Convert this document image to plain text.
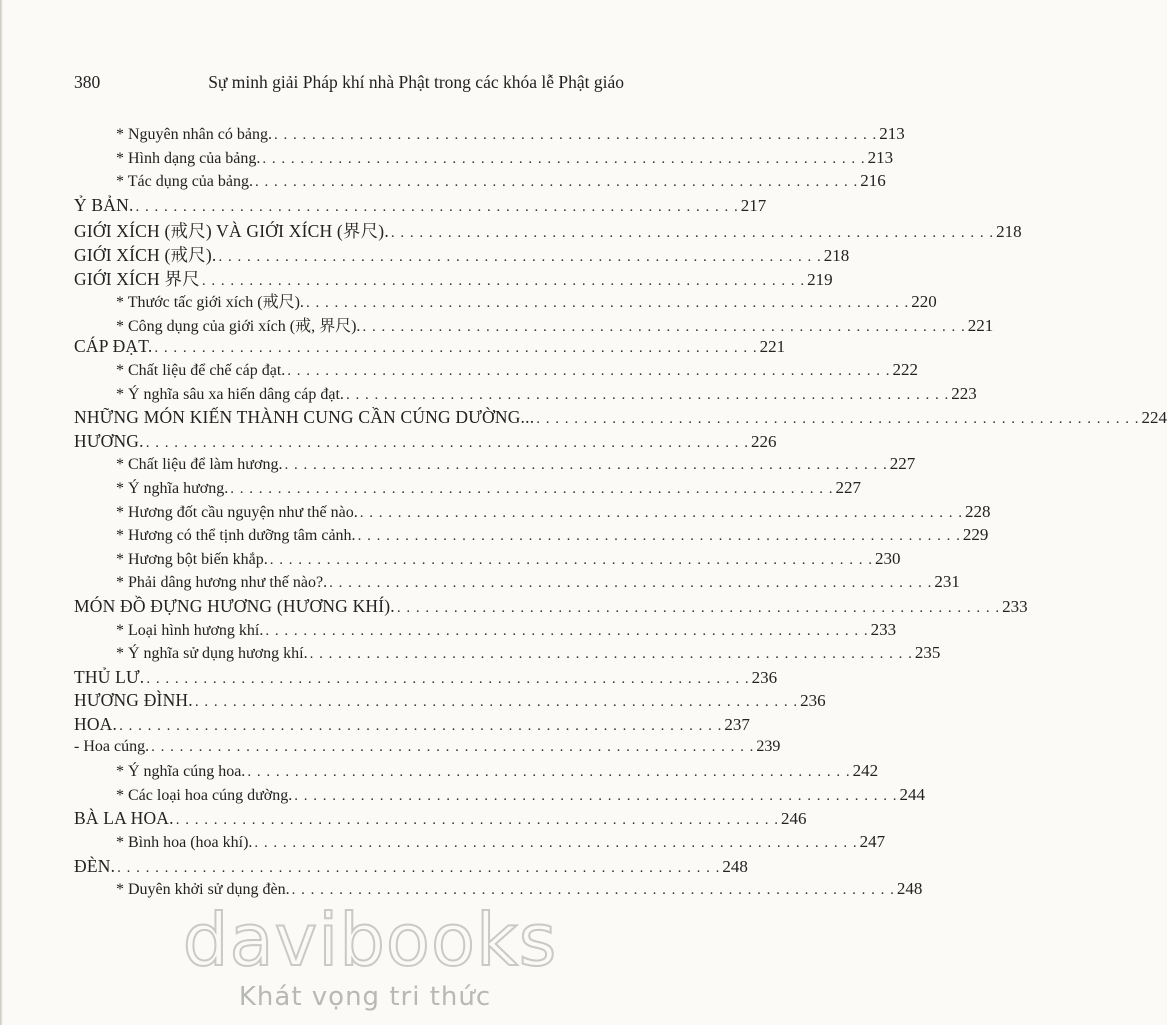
380	Sự minh giải Pháp khí nhà Phật trong các khóa lễ Phật giáo
* Nguyên nhân có bảng. . . . . . . . . . . . . . . . . . . . . . . . . . . . . . . . . . . . . . . . . . . . . . . . . . . . . . . . . . . . . . . . . 213
* Hình dạng của bảng. . . . . . . . . . . . . . . . . . . . . . . . . . . . . . . . . . . . . . . . . . . . . . . . . . . . . . . . . . . . . . . . . 213
* Tác dụng của bảng. . . . . . . . . . . . . . . . . . . . . . . . . . . . . . . . . . . . . . . . . . . . . . . . . . . . . . . . . . . . . . . . . 216
Ỷ BẢN. . . . . . . . . . . . . . . . . . . . . . . . . . . . . . . . . . . . . . . . . . . . . . . . . . . . . . . . . . . . . . . . . 217
GIỚI XÍCH (戒尺) VÀ GIỚI XÍCH (界尺). . . . . . . . . . . . . . . . . . . . . . . . . . . . . . . . . . . . . . . . . . . . . . . . . . . . . . . . . . . . . . . . . 218
GIỚI XÍCH (戒尺). . . . . . . . . . . . . . . . . . . . . . . . . . . . . . . . . . . . . . . . . . . . . . . . . . . . . . . . . . . . . . . . . 218
GIỚI XÍCH 界尺 . . . . . . . . . . . . . . . . . . . . . . . . . . . . . . . . . . . . . . . . . . . . . . . . . . . . . . . . . . . . . . . . 219
* Thước tấc giới xích (戒尺). . . . . . . . . . . . . . . . . . . . . . . . . . . . . . . . . . . . . . . . . . . . . . . . . . . . . . . . . . . . . . . . . 220
* Công dụng của giới xích (戒, 界尺). . . . . . . . . . . . . . . . . . . . . . . . . . . . . . . . . . . . . . . . . . . . . . . . . . . . . . . . . . . . . . . . . 221
CÁP ĐẠT. . . . . . . . . . . . . . . . . . . . . . . . . . . . . . . . . . . . . . . . . . . . . . . . . . . . . . . . . . . . . . . . . 221
* Chất liệu để chế cáp đạt. . . . . . . . . . . . . . . . . . . . . . . . . . . . . . . . . . . . . . . . . . . . . . . . . . . . . . . . . . . . . . . . . 222
* Ý nghĩa sâu xa hiến dâng cáp đạt. . . . . . . . . . . . . . . . . . . . . . . . . . . . . . . . . . . . . . . . . . . . . . . . . . . . . . . . . . . . . . . . . 223
NHỮNG MÓN KIẾN THÀNH CUNG CẦN CÚNG DƯỜNG... . . . . . . . . . . . . . . . . . . . . . . . . . . . . . . . . . . . . . . . . . . . . . . . . . . . . . . . . . . . . . . . . 224
HƯƠNG. . . . . . . . . . . . . . . . . . . . . . . . . . . . . . . . . . . . . . . . . . . . . . . . . . . . . . . . . . . . . . . . . 226
* Chất liệu để làm hương. . . . . . . . . . . . . . . . . . . . . . . . . . . . . . . . . . . . . . . . . . . . . . . . . . . . . . . . . . . . . . . . . 227
* Ý nghĩa hương. . . . . . . . . . . . . . . . . . . . . . . . . . . . . . . . . . . . . . . . . . . . . . . . . . . . . . . . . . . . . . . . . 227
* Hương đốt cầu nguyện như thế nào. . . . . . . . . . . . . . . . . . . . . . . . . . . . . . . . . . . . . . . . . . . . . . . . . . . . . . . . . . . . . . . . . 228
* Hương có thể tịnh dưỡng tâm cảnh. . . . . . . . . . . . . . . . . . . . . . . . . . . . . . . . . . . . . . . . . . . . . . . . . . . . . . . . . . . . . . . . . 229
* Hương bột biến khắp. . . . . . . . . . . . . . . . . . . . . . . . . . . . . . . . . . . . . . . . . . . . . . . . . . . . . . . . . . . . . . . . . 230
* Phải dâng hương như thế nào?. . . . . . . . . . . . . . . . . . . . . . . . . . . . . . . . . . . . . . . . . . . . . . . . . . . . . . . . . . . . . . . . . 231
MÓN ĐỒ ĐỰNG HƯƠNG (HƯƠNG KHÍ). . . . . . . . . . . . . . . . . . . . . . . . . . . . . . . . . . . . . . . . . . . . . . . . . . . . . . . . . . . . . . . . . 233
* Loại hình hương khí. . . . . . . . . . . . . . . . . . . . . . . . . . . . . . . . . . . . . . . . . . . . . . . . . . . . . . . . . . . . . . . . . 233
* Ý nghĩa sử dụng hương khí. . . . . . . . . . . . . . . . . . . . . . . . . . . . . . . . . . . . . . . . . . . . . . . . . . . . . . . . . . . . . . . . . 235
THỦ LƯ. . . . . . . . . . . . . . . . . . . . . . . . . . . . . . . . . . . . . . . . . . . . . . . . . . . . . . . . . . . . . . . . . 236
HƯƠNG ĐÌNH. . . . . . . . . . . . . . . . . . . . . . . . . . . . . . . . . . . . . . . . . . . . . . . . . . . . . . . . . . . . . . . . . 236
HOA. . . . . . . . . . . . . . . . . . . . . . . . . . . . . . . . . . . . . . . . . . . . . . . . . . . . . . . . . . . . . . . . . 237
- Hoa cúng. . . . . . . . . . . . . . . . . . . . . . . . . . . . . . . . . . . . . . . . . . . . . . . . . . . . . . . . . . . . . . . . . 239
* Ý nghĩa cúng hoa. . . . . . . . . . . . . . . . . . . . . . . . . . . . . . . . . . . . . . . . . . . . . . . . . . . . . . . . . . . . . . . . . 242
* Các loại hoa cúng dường. . . . . . . . . . . . . . . . . . . . . . . . . . . . . . . . . . . . . . . . . . . . . . . . . . . . . . . . . . . . . . . . . 244
BÀ LA HOA. . . . . . . . . . . . . . . . . . . . . . . . . . . . . . . . . . . . . . . . . . . . . . . . . . . . . . . . . . . . . . . . . 246
* Bình hoa (hoa khí). . . . . . . . . . . . . . . . . . . . . . . . . . . . . . . . . . . . . . . . . . . . . . . . . . . . . . . . . . . . . . . . . 247
ĐÈN. . . . . . . . . . . . . . . . . . . . . . . . . . . . . . . . . . . . . . . . . . . . . . . . . . . . . . . . . . . . . . . . . 248
* Duyên khởi sử dụng đèn. . . . . . . . . . . . . . . . . . . . . . . . . . . . . . . . . . . . . . . . . . . . . . . . . . . . . . . . . . . . . . . . . 248
davibooks
Khát vọng tri thức
